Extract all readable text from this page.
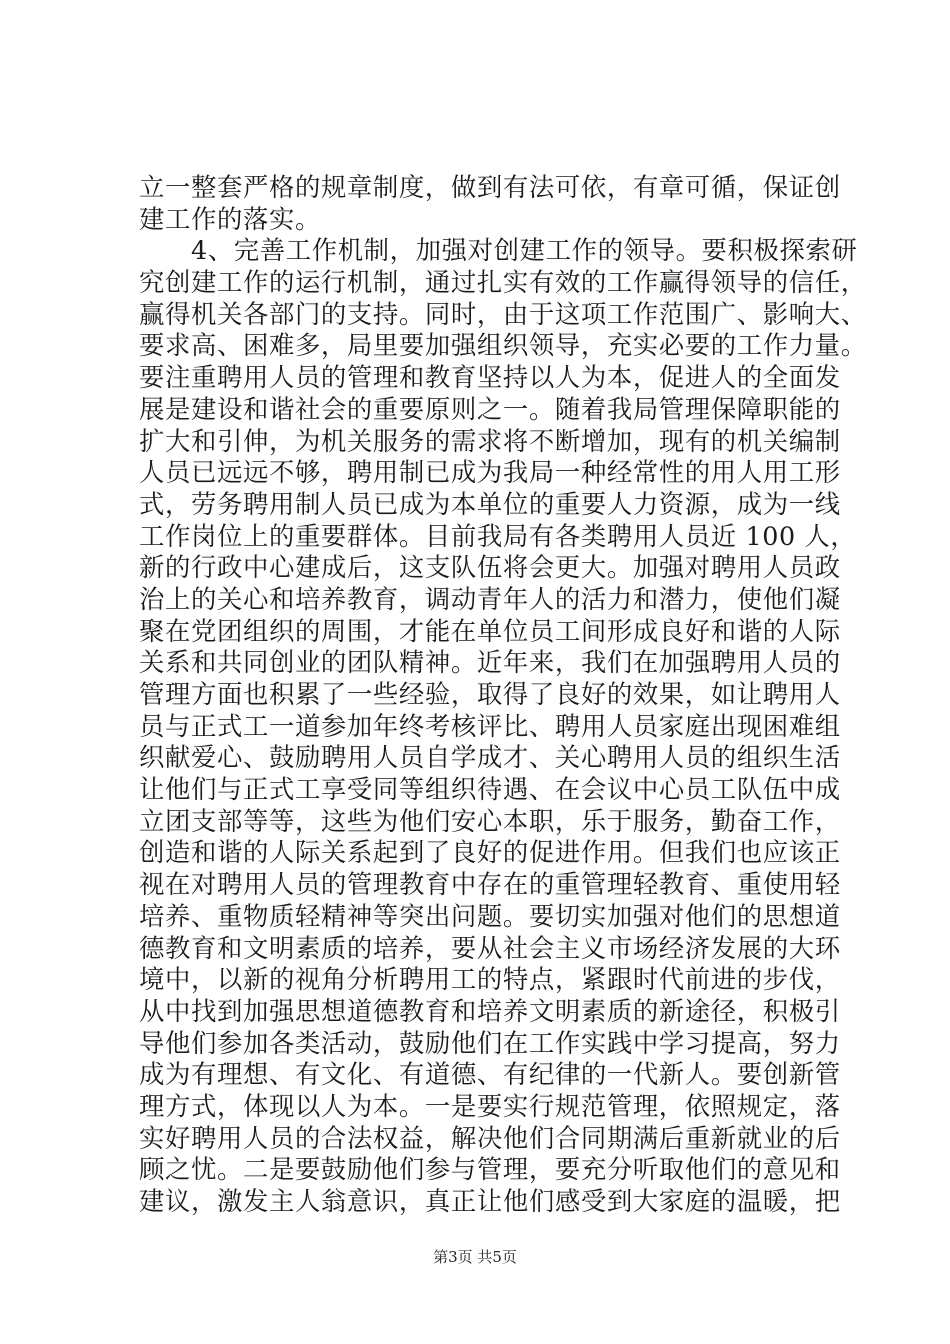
立一整套严格的规章制度，做到有法可依，有章可循，保证创
建工作的落实。
　　4、完善工作机制，加强对创建工作的领导。要积极探索研
究创建工作的运行机制，通过扎实有效的工作赢得领导的信任，
赢得机关各部门的支持。同时，由于这项工作范围广、影响大、
要求高、困难多，局里要加强组织领导，充实必要的工作力量。
要注重聘用人员的管理和教育坚持以人为本，促进人的全面发
展是建设和谐社会的重要原则之一。随着我局管理保障职能的
扩大和引伸，为机关服务的需求将不断增加，现有的机关编制
人员已远远不够，聘用制已成为我局一种经常性的用人用工形
式，劳务聘用制人员已成为本单位的重要人力资源，成为一线
工作岗位上的重要群体。目前我局有各类聘用人员近 100 人，
新的行政中心建成后，这支队伍将会更大。加强对聘用人员政
治上的关心和培养教育，调动青年人的活力和潜力，使他们凝
聚在党团组织的周围，才能在单位员工间形成良好和谐的人际
关系和共同创业的团队精神。近年来，我们在加强聘用人员的
管理方面也积累了一些经验，取得了良好的效果，如让聘用人
员与正式工一道参加年终考核评比、聘用人员家庭出现困难组
织献爱心、鼓励聘用人员自学成才、关心聘用人员的组织生活
让他们与正式工享受同等组织待遇、在会议中心员工队伍中成
立团支部等等，这些为他们安心本职，乐于服务，勤奋工作，
创造和谐的人际关系起到了良好的促进作用。但我们也应该正
视在对聘用人员的管理教育中存在的重管理轻教育、重使用轻
培养、重物质轻精神等突出问题。要切实加强对他们的思想道
德教育和文明素质的培养，要从社会主义市场经济发展的大环
境中，以新的视角分析聘用工的特点，紧跟时代前进的步伐，
从中找到加强思想道德教育和培养文明素质的新途径，积极引
导他们参加各类活动，鼓励他们在工作实践中学习提高，努力
成为有理想、有文化、有道德、有纪律的一代新人。要创新管
理方式，体现以人为本。一是要实行规范管理，依照规定，落
实好聘用人员的合法权益，解决他们合同期满后重新就业的后
顾之忧。二是要鼓励他们参与管理，要充分听取他们的意见和
建议，激发主人翁意识，真正让他们感受到大家庭的温暖，把
第3页 共5页
